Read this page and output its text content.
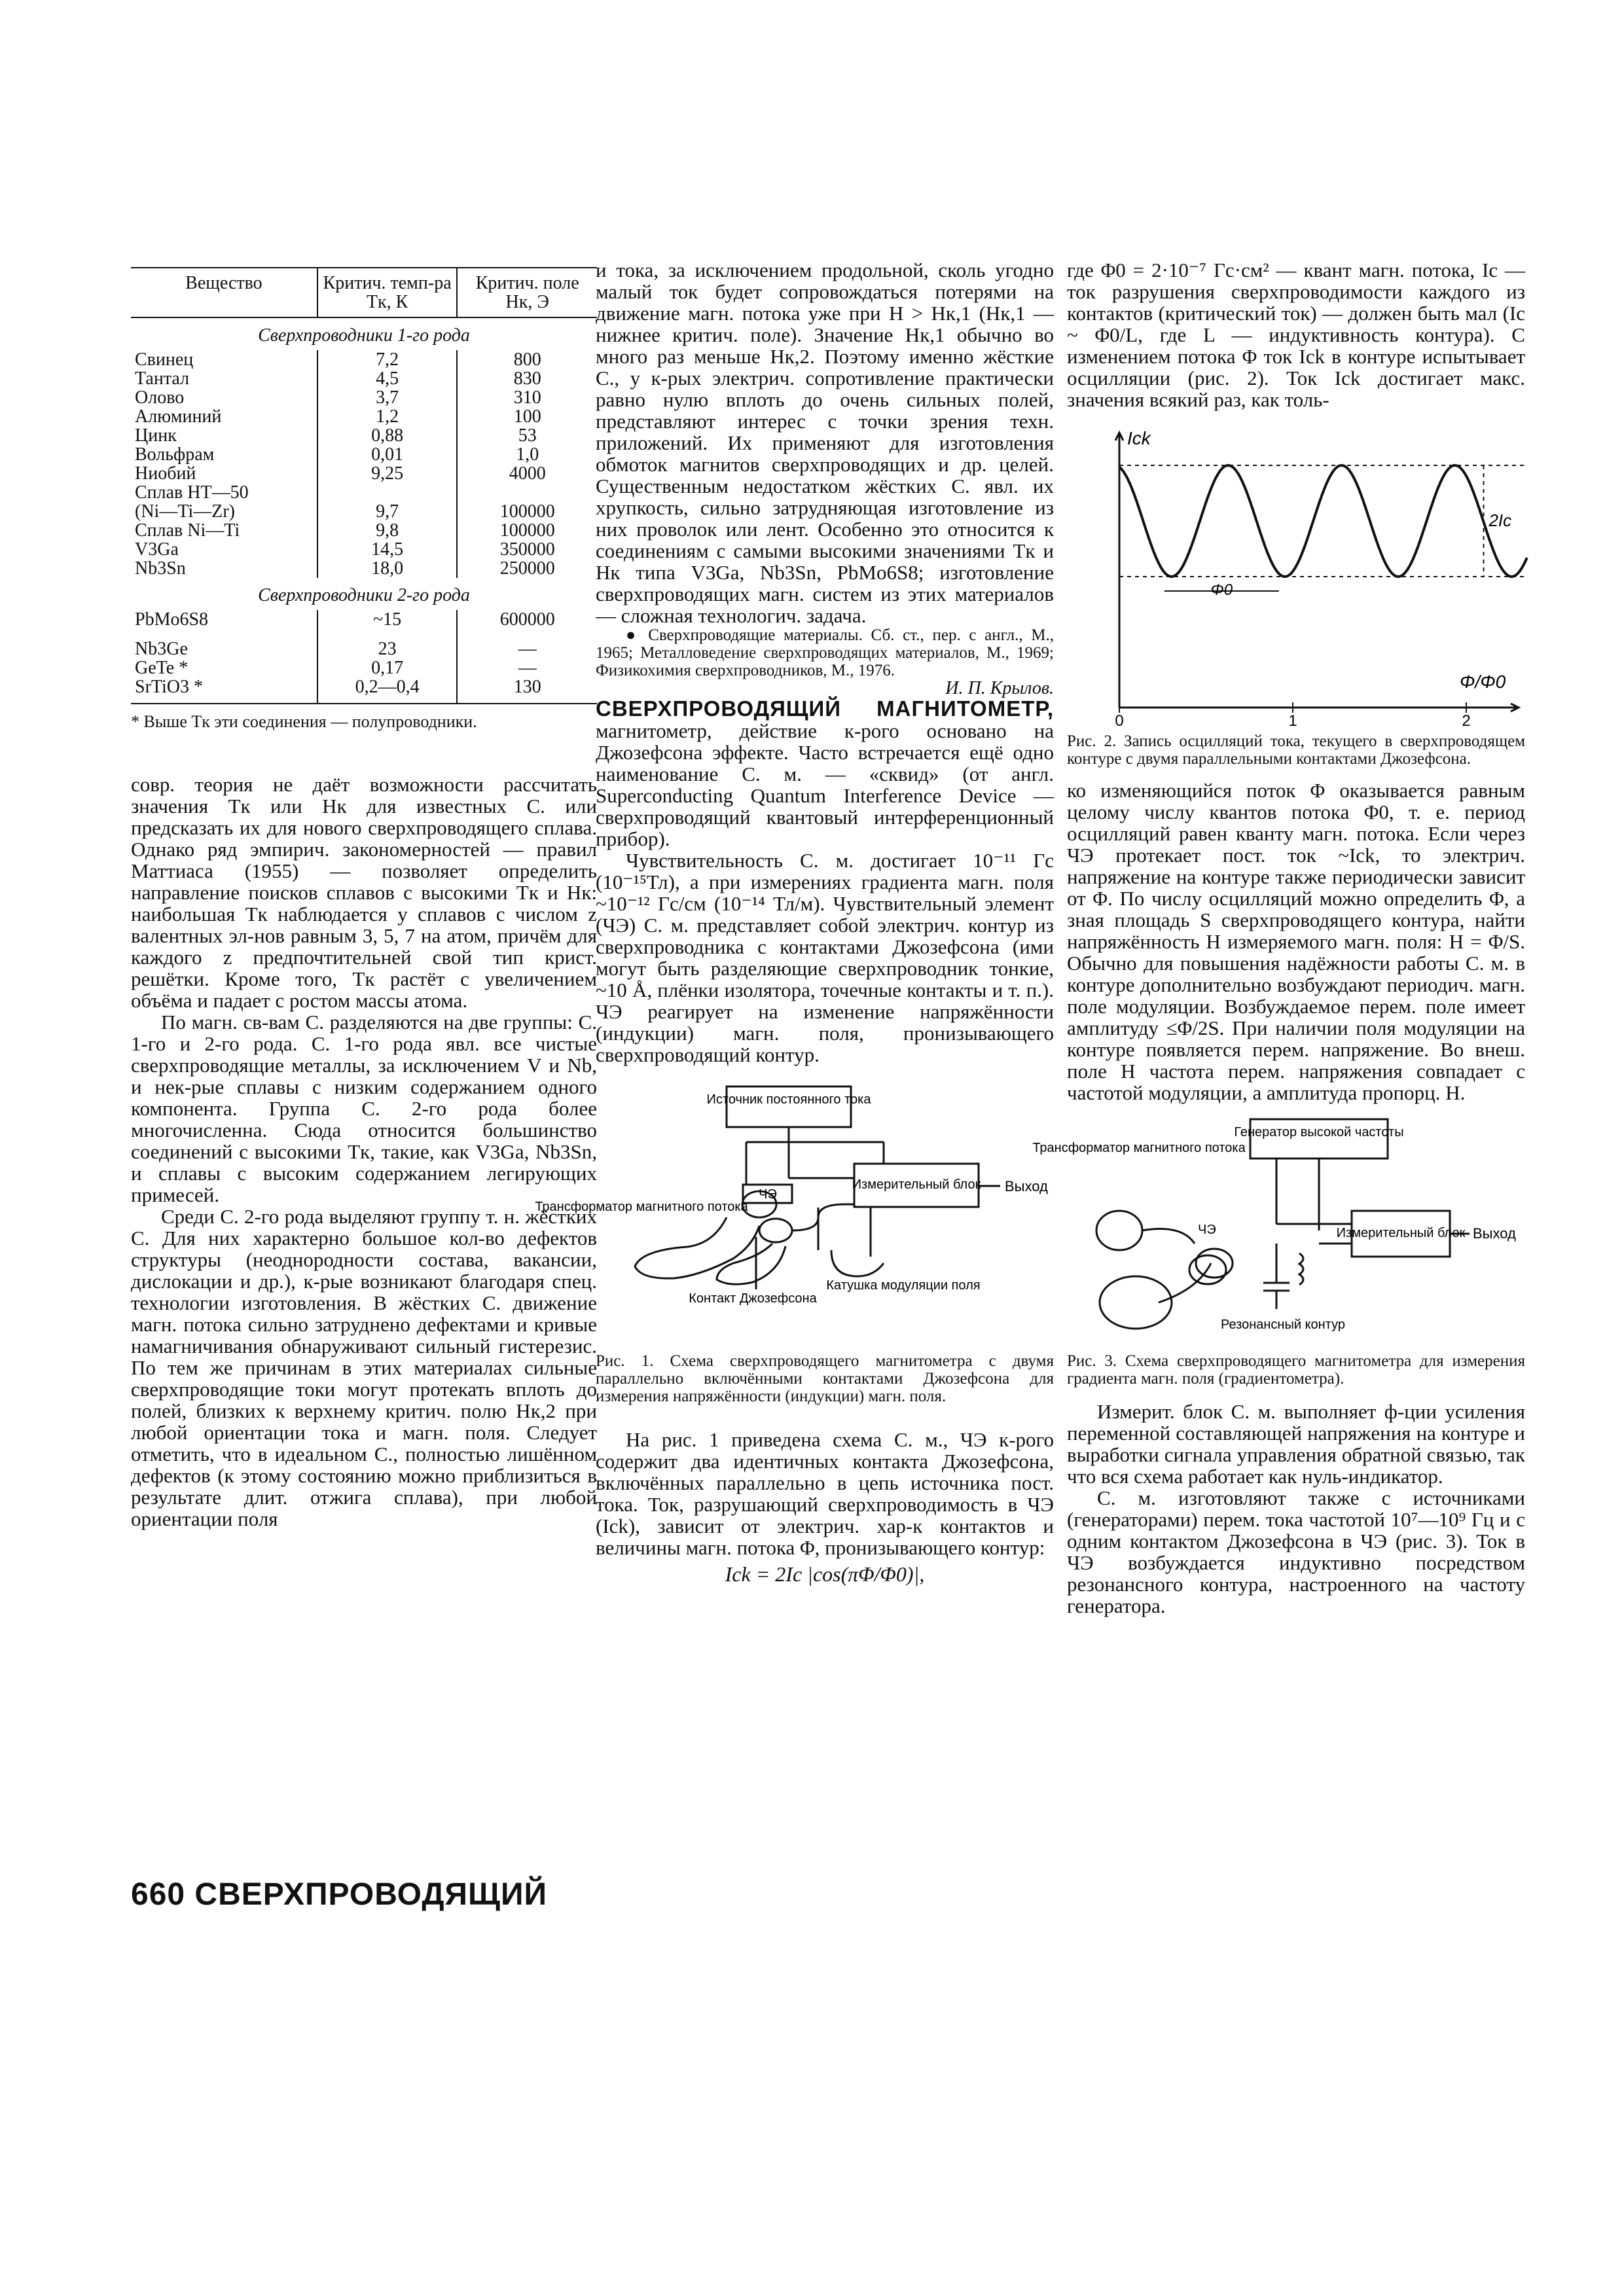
Вещество	Критич. темп-ра Tк, К	Критич. поле Hк, Э
Сверхпроводники 1-го рода		
Свинец	7,2	800
Тантал	4,5	830
Олово	3,7	310
Алюминий	1,2	100
Цинк	0,88	53
Вольфрам	0,01	1,0
Ниобий	9,25	4000
Сплав НТ—50		
(Ni—Ti—Zr)	9,7	100000
Сплав Ni—Ti	9,8	100000
V3Ga	14,5	350000
Nb3Sn	18,0	250000
Сверхпроводники 2-го рода		
PbMo6S8	~15	600000
Nb3Ge	23	—
GeTe *	0,17	—
SrTiO3 *	0,2—0,4	130
* Выше Tк эти соединения — полупроводники.

совр. теория не даёт возможности рассчитать значения Tк или Hк для известных С. или предсказать их для нового сверхпроводящего сплава. Однако ряд эмпирич. закономерностей — правил Маттиаса (1955) — позволяет определить направление поисков сплавов с высокими Tк и Hк: наибольшая Tк наблюдается у сплавов с числом z валентных эл-нов равным 3, 5, 7 на атом, причём для каждого z предпочтительней свой тип крист. решётки. Кроме того, Tк растёт с увеличением объёма и падает с ростом массы атома.

По магн. св-вам С. разделяются на две группы: С. 1-го и 2-го рода. С. 1-го рода явл. все чистые сверхпроводящие металлы, за исключением V и Nb, и нек-рые сплавы с низким содержанием одного компонента. Группа С. 2-го рода более многочисленна. Сюда относится большинство соединений с высокими Tк, такие, как V3Ga, Nb3Sn, и сплавы с высоким содержанием легирующих примесей.

Среди С. 2-го рода выделяют группу т. н. жёстких С. Для них характерно большое кол-во дефектов структуры (неоднородности состава, вакансии, дислокации и др.), к-рые возникают благодаря спец. технологии изготовления. В жёстких С. движение магн. потока сильно затруднено дефектами и кривые намагничивания обнаруживают сильный гистерезис. По тем же причинам в этих материалах сильные сверхпроводящие токи могут протекать вплоть до полей, близких к верхнему критич. полю Hк,2 при любой ориентации тока и магн. поля. Следует отметить, что в идеальном С., полностью лишённом дефектов (к этому состоянию можно приблизиться в результате длит. отжига сплава), при любой ориентации поля

и тока, за исключением продольной, сколь угодно малый ток будет сопровождаться потерями на движение магн. потока уже при H > Hк,1 (Hк,1 — нижнее критич. поле). Значение Hк,1 обычно во много раз меньше Hк,2. Поэтому именно жёсткие С., у к-рых электрич. сопротивление практически равно нулю вплоть до очень сильных полей, представляют интерес с точки зрения техн. приложений. Их применяют для изготовления обмоток магнитов сверхпроводящих и др. целей. Существенным недостатком жёстких С. явл. их хрупкость, сильно затрудняющая изготовление из них проволок или лент. Особенно это относится к соединениям с самыми высокими значениями Tк и Hк типа V3Ga, Nb3Sn, PbMo6S8; изготовление сверхпроводящих магн. систем из этих материалов — сложная технологич. задача.

● Сверхпроводящие материалы. Сб. ст., пер. с англ., М., 1965; Металловедение сверхпроводящих материалов, М., 1969; Физикохимия сверхпроводников, М., 1976.

И. П. Крылов.

СВЕРХПРОВОДЯЩИЙ МАГНИТОМЕТР, магнитометр, действие к-рого основано на Джозефсона эффекте. Часто встречается ещё одно наименование С. м. — «сквид» (от англ. Superconducting Quantum Interference Device — сверхпроводящий квантовый интерференционный прибор).

Чувствительность С. м. достигает 10⁻¹¹ Гс (10⁻¹⁵Тл), а при измерениях градиента магн. поля ~10⁻¹² Гс/см (10⁻¹⁴ Тл/м). Чувствительный элемент (ЧЭ) С. м. представляет собой электрич. контур из сверхпроводника с контактами Джозефсона (ими могут быть разделяющие сверхпроводник тонкие, ~10 Å, плёнки изолятора, точечные контакты и т. п.). ЧЭ реагирует на изменение напряжённости (индукции) магн. поля, пронизывающего сверхпроводящий контур.

Источник постоянного тока
Измерительный блок Выход
ЧЭ
Трансформатор магнитного потока
Контакт Джозефсона
Катушка модуляции поля
Рис. 1. Схема сверхпроводящего магнитометра с двумя параллельно включёнными контактами Джозефсона для измерения напряжённости (индукции) магн. поля.

На рис. 1 приведена схема С. м., ЧЭ к-рого содержит два идентичных контакта Джозефсона, включённых параллельно в цепь источника пост. тока. Ток, разрушающий сверхпроводимость в ЧЭ (Ick), зависит от электрич. хар-к контактов и величины магн. потока Φ, пронизывающего контур:

Ick = 2Ic |cos(πΦ/Φ0)|,

где Φ0 = 2·10⁻⁷ Гс·см² — квант магн. потока, Ic — ток разрушения сверхпроводимости каждого из контактов (критический ток) — должен быть мал (Ic ~ Φ0/L, где L — индуктивность контура). С изменением потока Φ ток Ick в контуре испытывает осцилляции (рис. 2). Ток Ick достигает макс. значения всякий раз, как толь-

Ick
Φ/Φ0
2Ic
Φ0
0	1	2
Рис. 2. Запись осцилляций тока, текущего в сверхпроводящем контуре с двумя параллельными контактами Джозефсона.

ко изменяющийся поток Φ оказывается равным целому числу квантов потока Φ0, т. е. период осцилляций равен кванту магн. потока. Если через ЧЭ протекает пост. ток ~Ick, то электрич. напряжение на контуре также периодически зависит от Φ. По числу осцилляций можно определить Φ, а зная площадь S сверхпроводящего контура, найти напряжённость H измеряемого магн. поля: H = Φ/S. Обычно для повышения надёжности работы С. м. в контуре дополнительно возбуждают периодич. магн. поле модуляции. Возбуждаемое перем. поле имеет амплитуду ≤Φ/2S. При наличии поля модуляции на контуре появляется перем. напряжение. Во внеш. поле H частота перем. напряжения совпадает с частотой модуляции, а амплитуда пропорц. H.

Генератор высокой частоты
Трансформатор магнитного потока
ЧЭ	Измерительный блок Выход
Резонансный контур
Рис. 3. Схема сверхпроводящего магнитометра для измерения градиента магн. поля (градиентометра).

Измерит. блок С. м. выполняет ф-ции усиления переменной составляющей напряжения на контуре и выработки сигнала управления обратной связью, так что вся схема работает как нуль-индикатор.

С. м. изготовляют также с источниками (генераторами) перем. тока частотой 10⁷—10⁹ Гц и с одним контактом Джозефсона в ЧЭ (рис. 3). Ток в ЧЭ возбуждается индуктивно посредством резонансного контура, настроенного на частоту генератора.

660 СВЕРХПРОВОДЯЩИЙ
